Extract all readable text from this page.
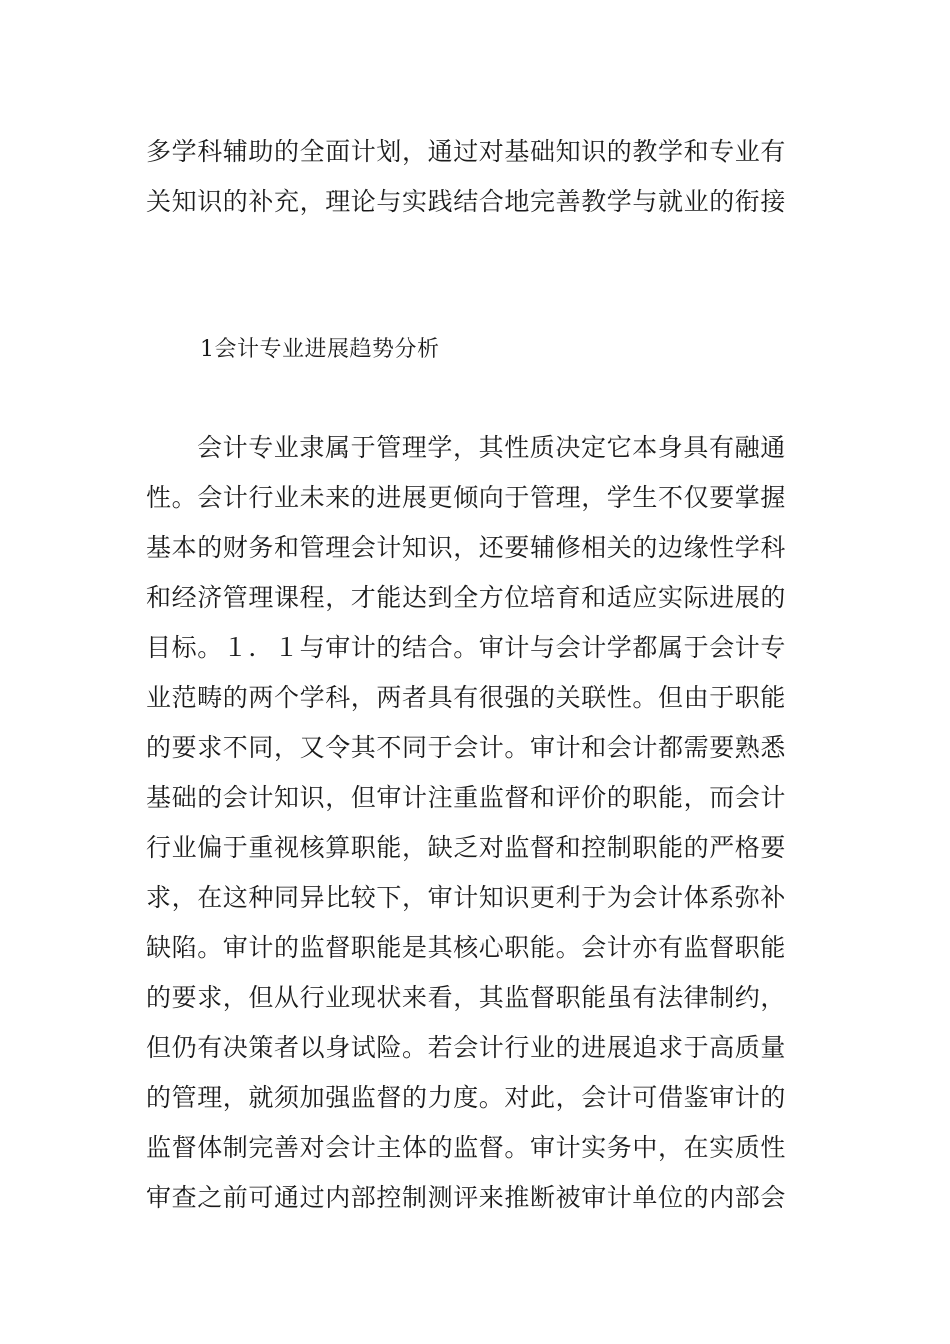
多学科辅助的全面计划，通过对基础知识的教学和专业有
关知识的补充，理论与实践结合地完善教学与就业的衔接
1会计专业进展趋势分析
会计专业隶属于管理学，其性质决定它本身具有融通
性。会计行业未来的进展更倾向于管理，学生不仅要掌握
基本的财务和管理会计知识，还要辅修相关的边缘性学科
和经济管理课程，才能达到全方位培育和适应实际进展的
目标。１．１与审计的结合。审计与会计学都属于会计专
业范畴的两个学科，两者具有很强的关联性。但由于职能
的要求不同，又令其不同于会计。审计和会计都需要熟悉
基础的会计知识，但审计注重监督和评价的职能，而会计
行业偏于重视核算职能，缺乏对监督和控制职能的严格要
求，在这种同异比较下，审计知识更利于为会计体系弥补
缺陷。审计的监督职能是其核心职能。会计亦有监督职能
的要求，但从行业现状来看，其监督职能虽有法律制约，
但仍有决策者以身试险。若会计行业的进展追求于高质量
的管理，就须加强监督的力度。对此，会计可借鉴审计的
监督体制完善对会计主体的监督。审计实务中，在实质性
审查之前可通过内部控制测评来推断被审计单位的内部会
